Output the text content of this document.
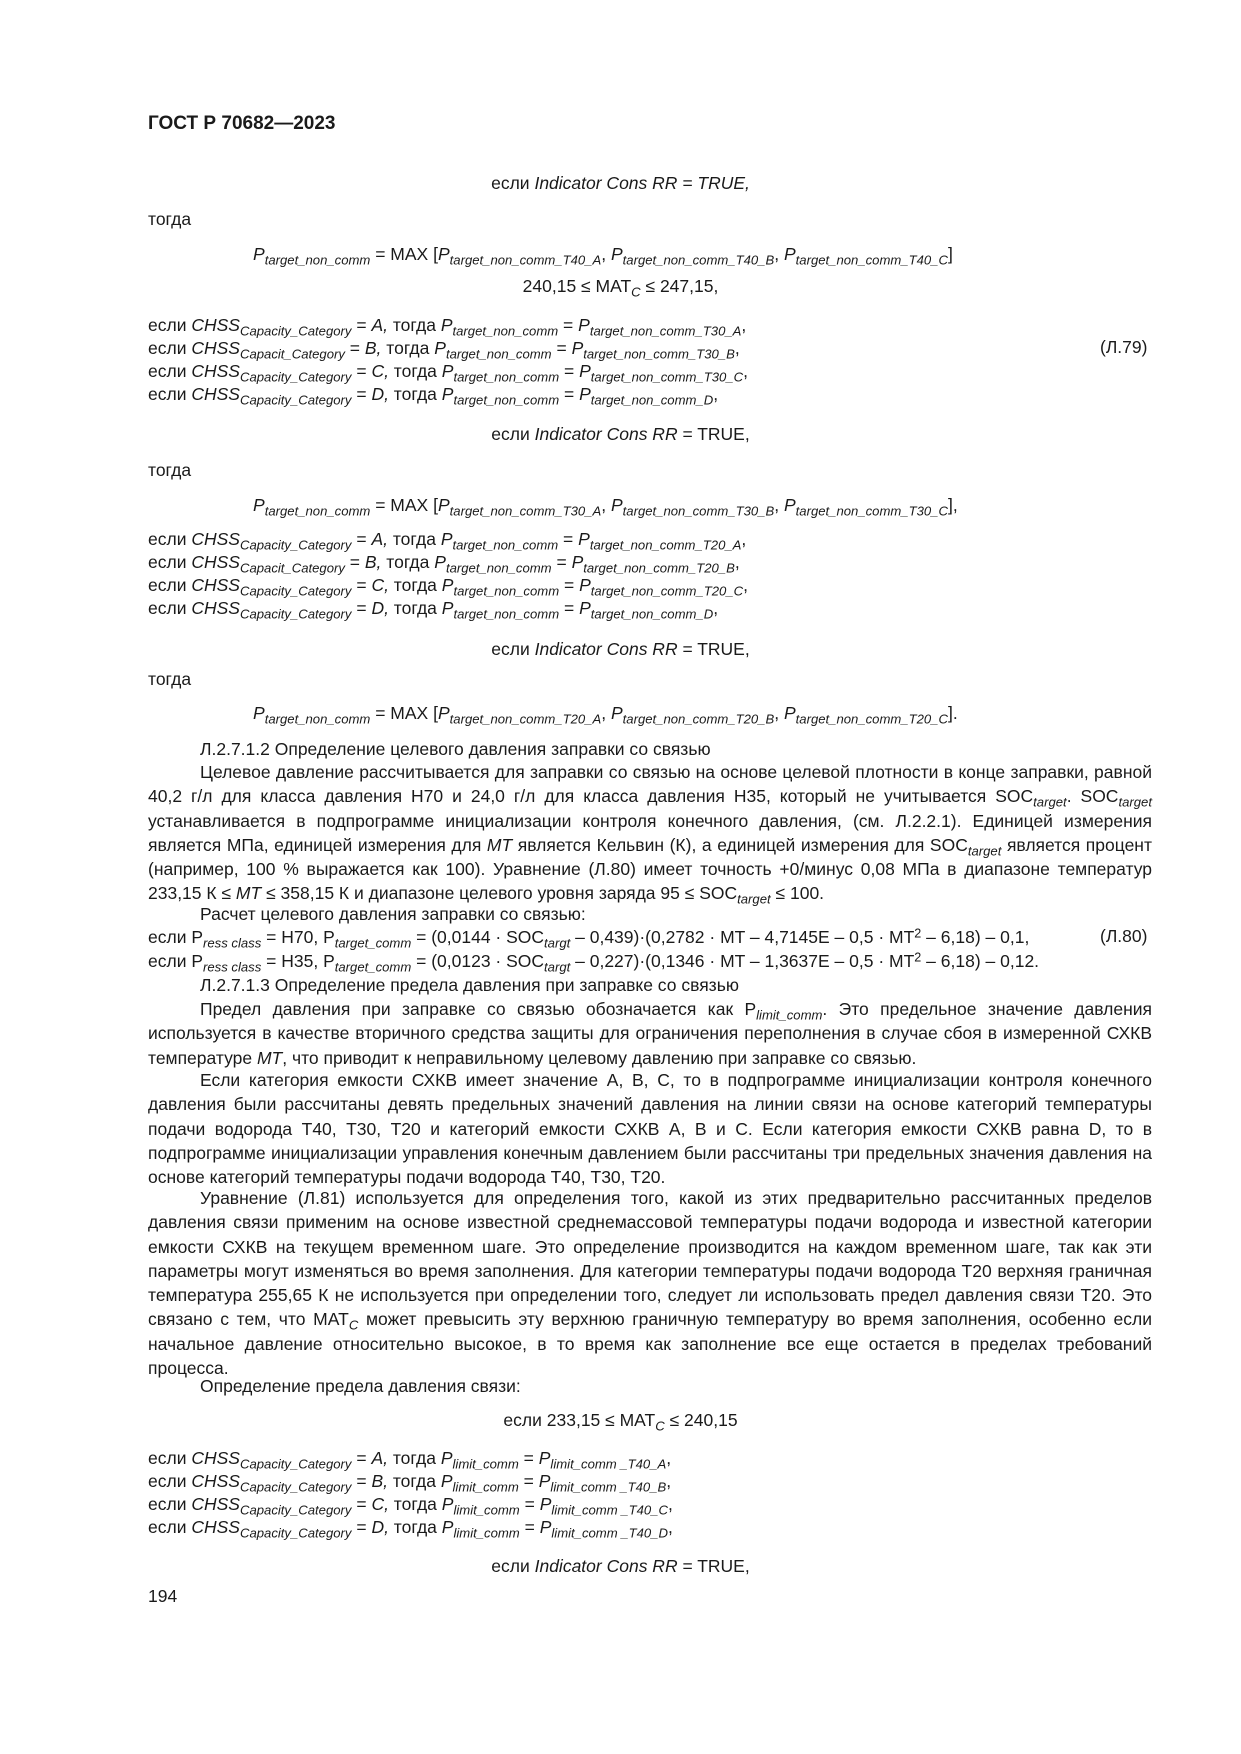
ГОСТ Р 70682—2023
если Indicator Cons RR = TRUE,
тогда
$P_{target\_non\_comm}$ = MAX [$P_{target\_non\_comm\_T40\_A}$, $P_{target\_non\_comm\_T40\_B}$, $P_{target\_non\_comm\_T40\_C}$]
$240,15 \le MAT_C \le 247,15$,
если $CHSS_{Capacity\_Category} = A$, тогда $P_{target\_non\_comm} = P_{target\_non\_comm\_T30\_A}$,
если $CHSS_{Capacit\_Category} = B$, тогда $P_{target\_non\_comm} = P_{target\_non\_comm\_T30\_B}$,	(Л.79)
если $CHSS_{Capacity\_Category} = C$, тогда $P_{target\_non\_comm} = P_{target\_non\_comm\_T30\_C}$,
если $CHSS_{Capacity\_Category} = D$, тогда $P_{target\_non\_comm} = P_{target\_non\_comm\_D}$,
если Indicator Cons RR = TRUE,
тогда
$P_{target\_non\_comm}$ = MAX [$P_{target\_non\_comm\_T30\_A}$, $P_{target\_non\_comm\_T30\_B}$, $P_{target\_non\_comm\_T30\_C}$],
если $CHSS_{Capacity\_Category} = A$, тогда $P_{target\_non\_comm} = P_{target\_non\_comm\_T20\_A}$,
если $CHSS_{Capacit\_Category} = B$, тогда $P_{target\_non\_comm} = P_{target\_non\_comm\_T20\_B}$,
если $CHSS_{Capacity\_Category} = C$, тогда $P_{target\_non\_comm} = P_{target\_non\_comm\_T20\_C}$,
если $CHSS_{Capacity\_Category} = D$, тогда $P_{target\_non\_comm} = P_{target\_non\_comm\_D}$,
если Indicator Cons RR = TRUE,
тогда
$P_{target\_non\_comm}$ = MAX [$P_{target\_non\_comm\_T20\_A}$, $P_{target\_non\_comm\_T20\_B}$, $P_{target\_non\_comm\_T20\_C}$].
Л.2.7.1.2 Определение целевого давления заправки со связью
Целевое давление рассчитывается для заправки со связью на основе целевой плотности в конце заправки, равной 40,2 г/л для класса давления Н70 и 24,0 г/л для класса давления Н35, который не учитывается $SOC_{target}$. $SOC_{target}$ устанавливается в подпрограмме инициализации контроля конечного давления, (см. Л.2.2.1). Единицей измерения является МПа, единицей измерения для MT является Кельвин (К), а единицей измерения для $SOC_{target}$ является процент (например, 100 % выражается как 100). Уравнение (Л.80) имеет точность +0/минус 0,08 МПа в диапазоне температур 233,15 К ≤ MT ≤ 358,15 К и диапазоне целевого уровня заряда $95 \le SOC_{target} \le 100$.
Расчет целевого давления заправки со связью:
если $P_{ress class} = Н70$, $P_{target\_comm} = (0,0144 \cdot SOC_{targt} - 0,439)\cdot(0,2782$ · MT – $4,7145E - 0,5 \cdot MT^2 - 6,18) - 0,1$,	(Л.80)
если $P_{ress class} = Н35$, $P_{target\_comm} = (0,0123 \cdot SOC_{targt} - 0,227)\cdot(0,1346$ · MT – $1,3637E - 0,5 \cdot MT^2 - 6,18) - 0,12$.
Л.2.7.1.3 Определение предела давления при заправке со связью
Предел давления при заправке со связью обозначается как $P_{limit\_comm}$. Это предельное значение давления используется в качестве вторичного средства защиты для ограничения переполнения в случае сбоя в измеренной СХКВ температуре MT, что приводит к неправильному целевому давлению при заправке со связью.
Если категория емкости СХКВ имеет значение А, В, С, то в подпрограмме инициализации контроля конечного давления были рассчитаны девять предельных значений давления на линии связи на основе категорий температуры подачи водорода Т40, Т30, Т20 и категорий емкости СХКВ А, В и С. Если категория емкости СХКВ равна D, то в подпрограмме инициализации управления конечным давлением были рассчитаны три предельных значения давления на основе категорий температуры подачи водорода Т40, Т30, Т20.
Уравнение (Л.81) используется для определения того, какой из этих предварительно рассчитанных пределов давления связи применим на основе известной среднемассовой температуры подачи водорода и известной категории емкости СХКВ на текущем временном шаге. Это определение производится на каждом временном шаге, так как эти параметры могут изменяться во время заполнения. Для категории температуры подачи водорода Т20 верхняя граничная температура 255,65 К не используется при определении того, следует ли использовать предел давления связи Т20. Это связано с тем, что $MAT_C$ может превысить эту верхнюю граничную температуру во время заполнения, особенно если начальное давление относительно высокое, в то время как заполнение все еще остается в пределах требований процесса.
Определение предела давления связи:
если $233,15 \le MAT_C \le 240,15$
если $CHSS_{Capacity\_Category} = A$, тогда $P_{limit\_comm} = P_{limit\_comm \_T40\_A}$,
если $CHSS_{Capacity\_Category} = B$, тогда $P_{limit\_comm} = P_{limit\_comm \_T40\_B}$,
если $CHSS_{Capacity\_Category} = C$, тогда $P_{limit\_comm} = P_{limit\_comm \_T40\_C}$,
если $CHSS_{Capacity\_Category} = D$, тогда $P_{limit\_comm} = P_{limit\_comm \_T40\_D}$,
если Indicator Cons RR = TRUE,
194
